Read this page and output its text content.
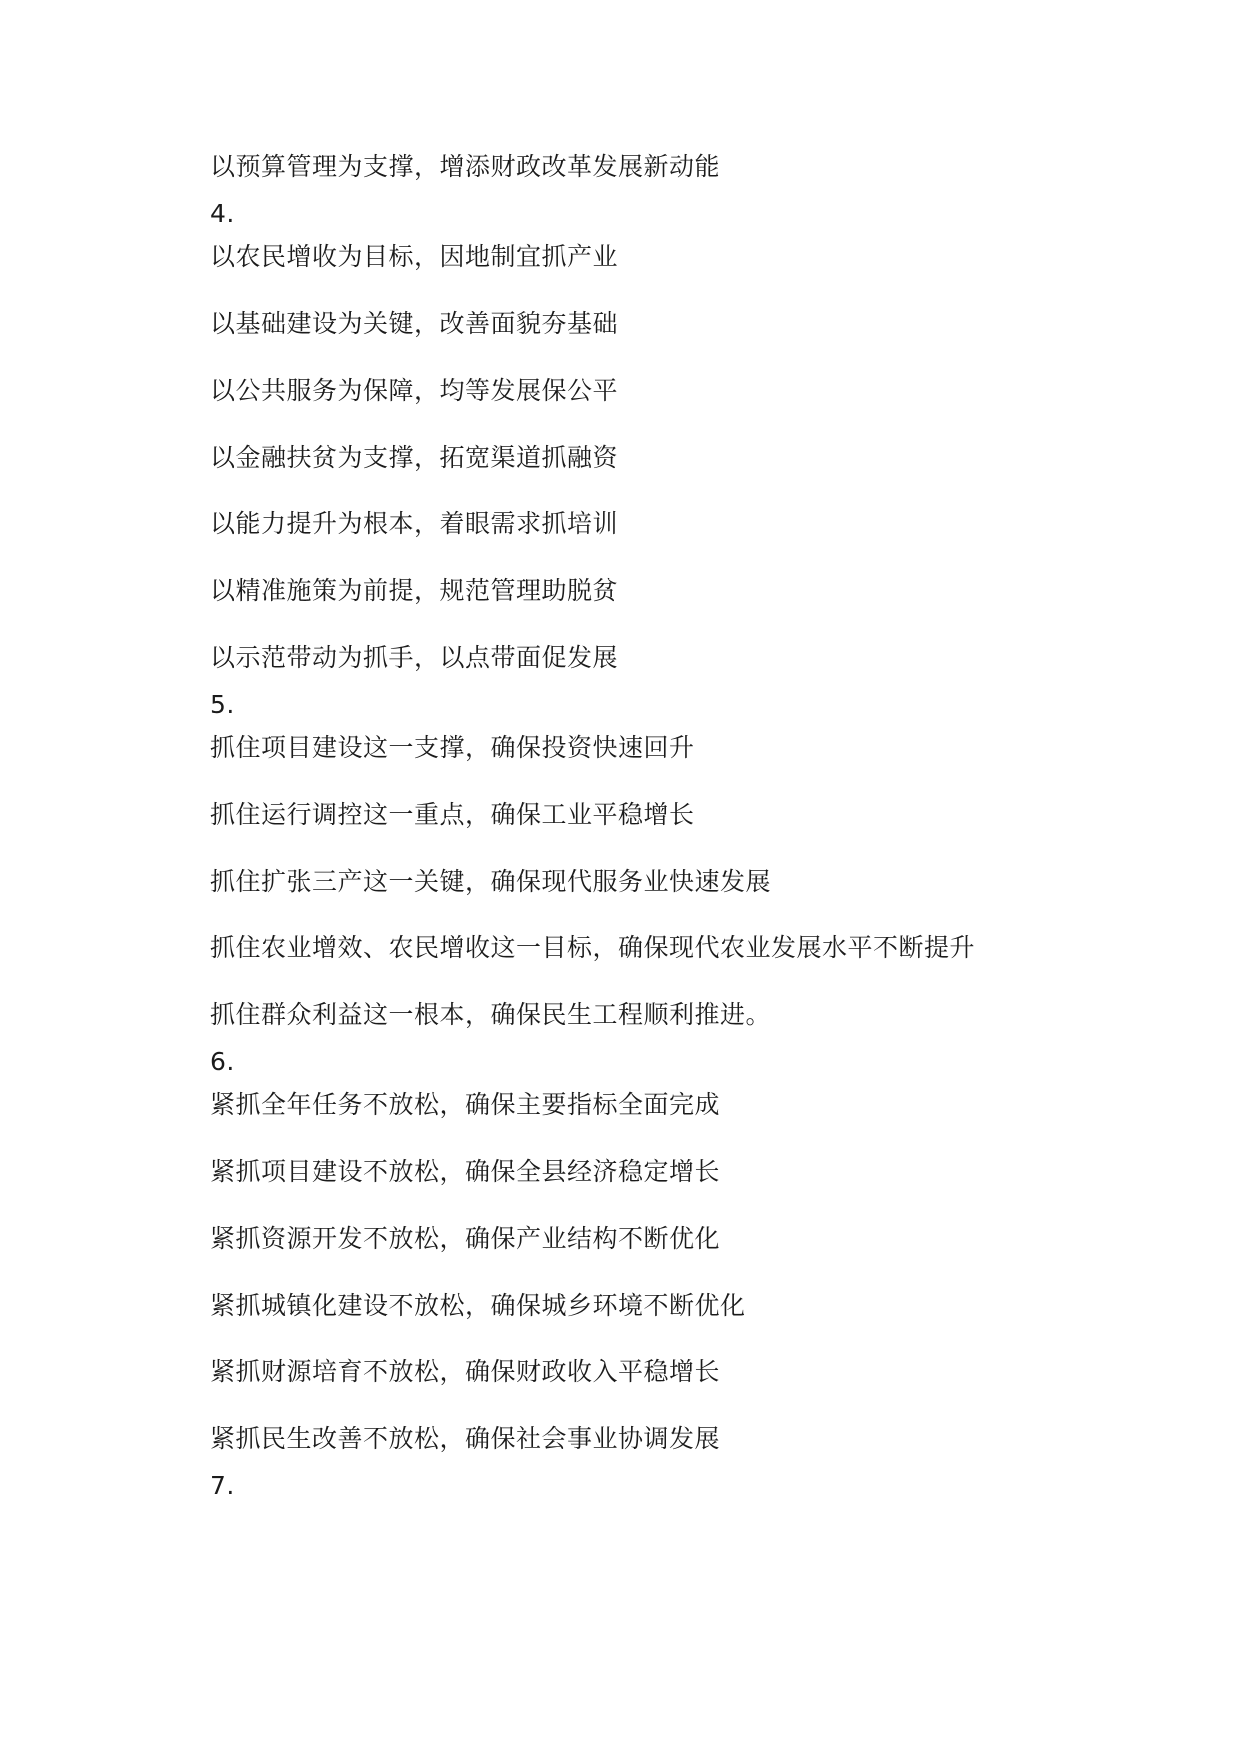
以预算管理为支撑，增添财政改革发展新动能
4.
以农民增收为目标，因地制宜抓产业
以基础建设为关键，改善面貌夯基础
以公共服务为保障，均等发展保公平
以金融扶贫为支撑，拓宽渠道抓融资
以能力提升为根本，着眼需求抓培训
以精准施策为前提，规范管理助脱贫
以示范带动为抓手，以点带面促发展
5.
抓住项目建设这一支撑，确保投资快速回升
抓住运行调控这一重点，确保工业平稳增长
抓住扩张三产这一关键，确保现代服务业快速发展
抓住农业增效、农民增收这一目标，确保现代农业发展水平不断提升
抓住群众利益这一根本，确保民生工程顺利推进。
6.
紧抓全年任务不放松，确保主要指标全面完成
紧抓项目建设不放松，确保全县经济稳定增长
紧抓资源开发不放松，确保产业结构不断优化
紧抓城镇化建设不放松，确保城乡环境不断优化
紧抓财源培育不放松，确保财政收入平稳增长
紧抓民生改善不放松，确保社会事业协调发展
7.
